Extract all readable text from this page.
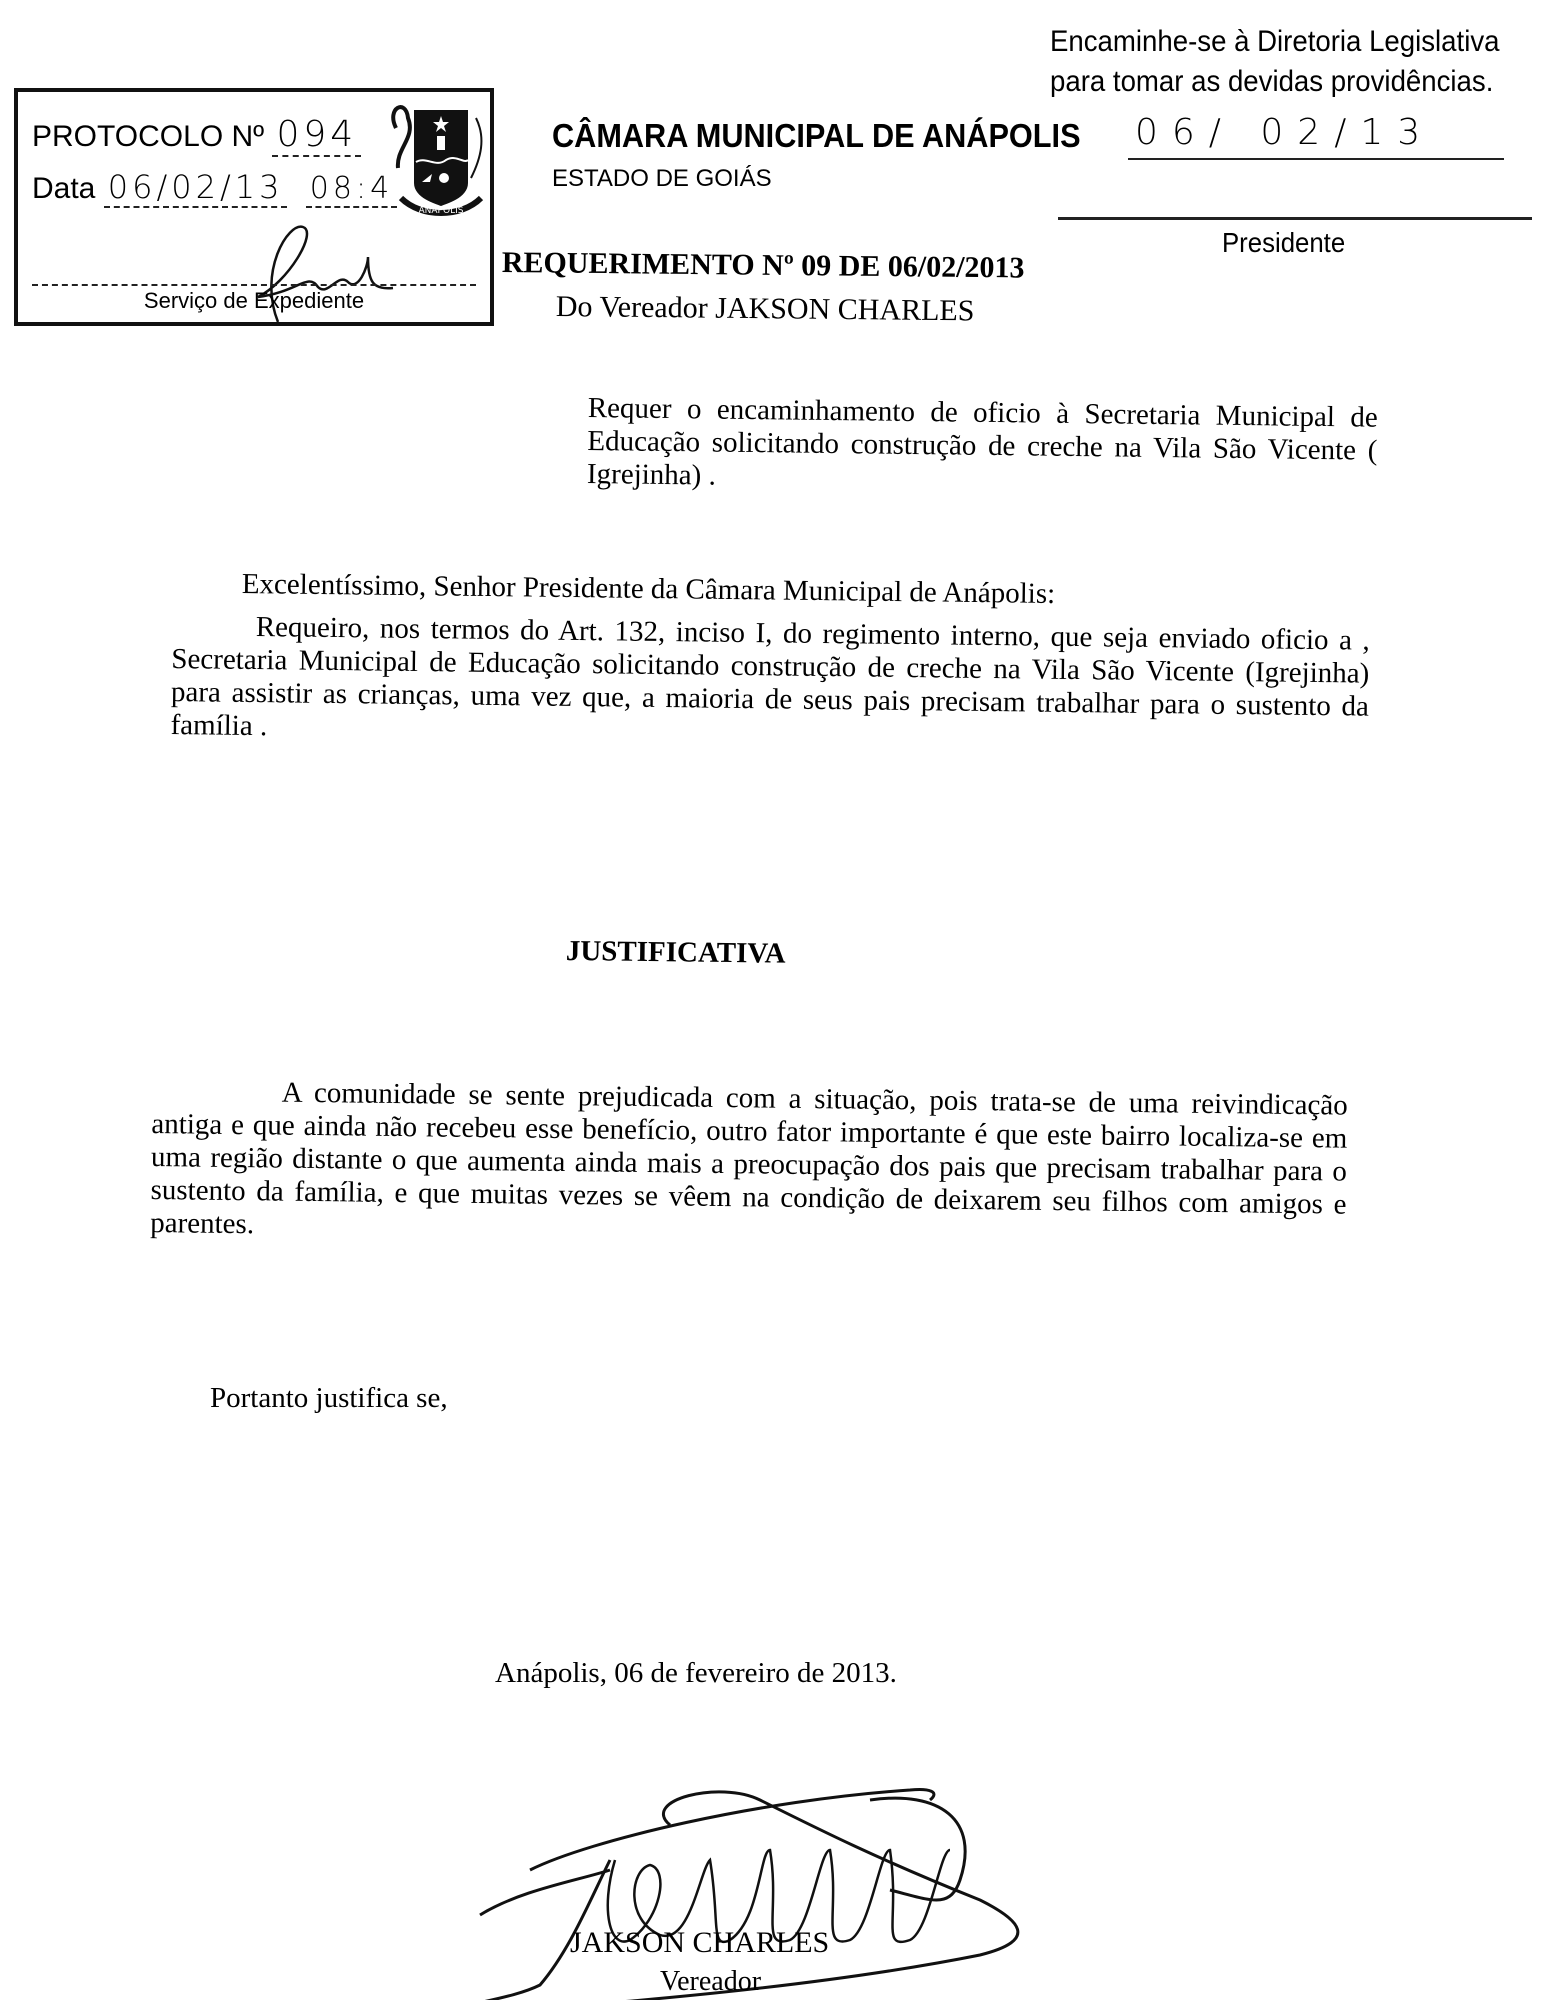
Encaminhe-se à Diretoria Legislativa
para tomar as devidas providências.
PROTOCOLO Nº 094
Data 06/02/13 08:4
Serviço de Expediente
ANÁPOLIS
CÂMARA MUNICIPAL DE ANÁPOLIS 06/ 02/13
ESTADO DE GOIÁS
Presidente
REQUERIMENTO Nº 09 DE 06/02/2013
Do Vereador JAKSON CHARLES
Requer o encaminhamento de oficio à Secretaria Municipal de Educação solicitando construção de creche na Vila São Vicente ( Igrejinha) .
Excelentíssimo, Senhor Presidente da Câmara Municipal de Anápolis:
Requeiro, nos termos do Art. 132, inciso I, do regimento interno, que seja enviado oficio a , Secretaria Municipal de Educação solicitando construção de creche na Vila São Vicente (Igrejinha) para assistir as crianças, uma vez que, a maioria de seus pais precisam trabalhar para o sustento da família .
JUSTIFICATIVA
A comunidade se sente prejudicada com a situação, pois trata-se de uma reivindicação antiga e que ainda não recebeu esse benefício, outro fator importante é que este bairro localiza-se em uma região distante o que aumenta ainda mais a preocupação dos pais que precisam trabalhar para o sustento da família, e que muitas vezes se vêem na condição de deixarem seu filhos com amigos e parentes.
Portanto justifica se,
Anápolis, 06 de fevereiro de 2013.
JAKSON CHARLES
Vereador
